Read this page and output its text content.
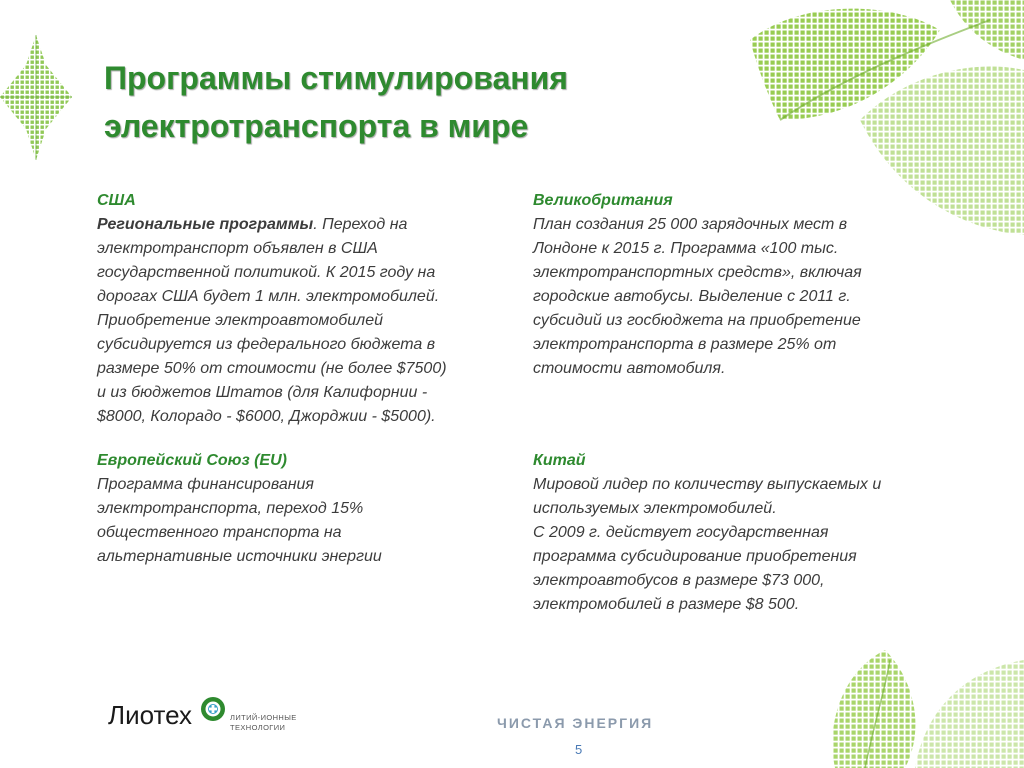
Программы стимулирования
электротранспорта в мире
США
Региональные программы. Переход на
электротранспорт объявлен в США
государственной политикой. К 2015 году на
дорогах США будет 1 млн. электромобилей.
Приобретение электроавтомобилей
субсидируется из федерального бюджета в
размере 50% от стоимости (не более $7500)
и из бюджетов Штатов (для Калифорнии -
$8000, Колорадо - $6000, Джорджии - $5000).
Великобритания
План создания 25 000 зарядочных мест в
Лондоне к 2015 г. Программа «100 тыс.
электротранспортных средств», включая
городские автобусы. Выделение с 2011 г.
субсидий из госбюджета на приобретение
электротранспорта в размере 25% от
стоимости автомобиля.
Европейский Союз (EU)
Программа финансирования
электротранспорта, переход 15%
общественного транспорта на
альтернативные источники энергии
Китай
Мировой лидер по количеству выпускаемых и
используемых электромобилей.
С 2009 г. действует государственная
программа субсидирование приобретения
электроавтобусов в размере $73 000,
электромобилей в размере $8 500.
Лиотех	ЛИТИЙ-ИОННЫЕ
ТЕХНОЛОГИИ	ЧИСТАЯ ЭНЕРГИЯ
5
